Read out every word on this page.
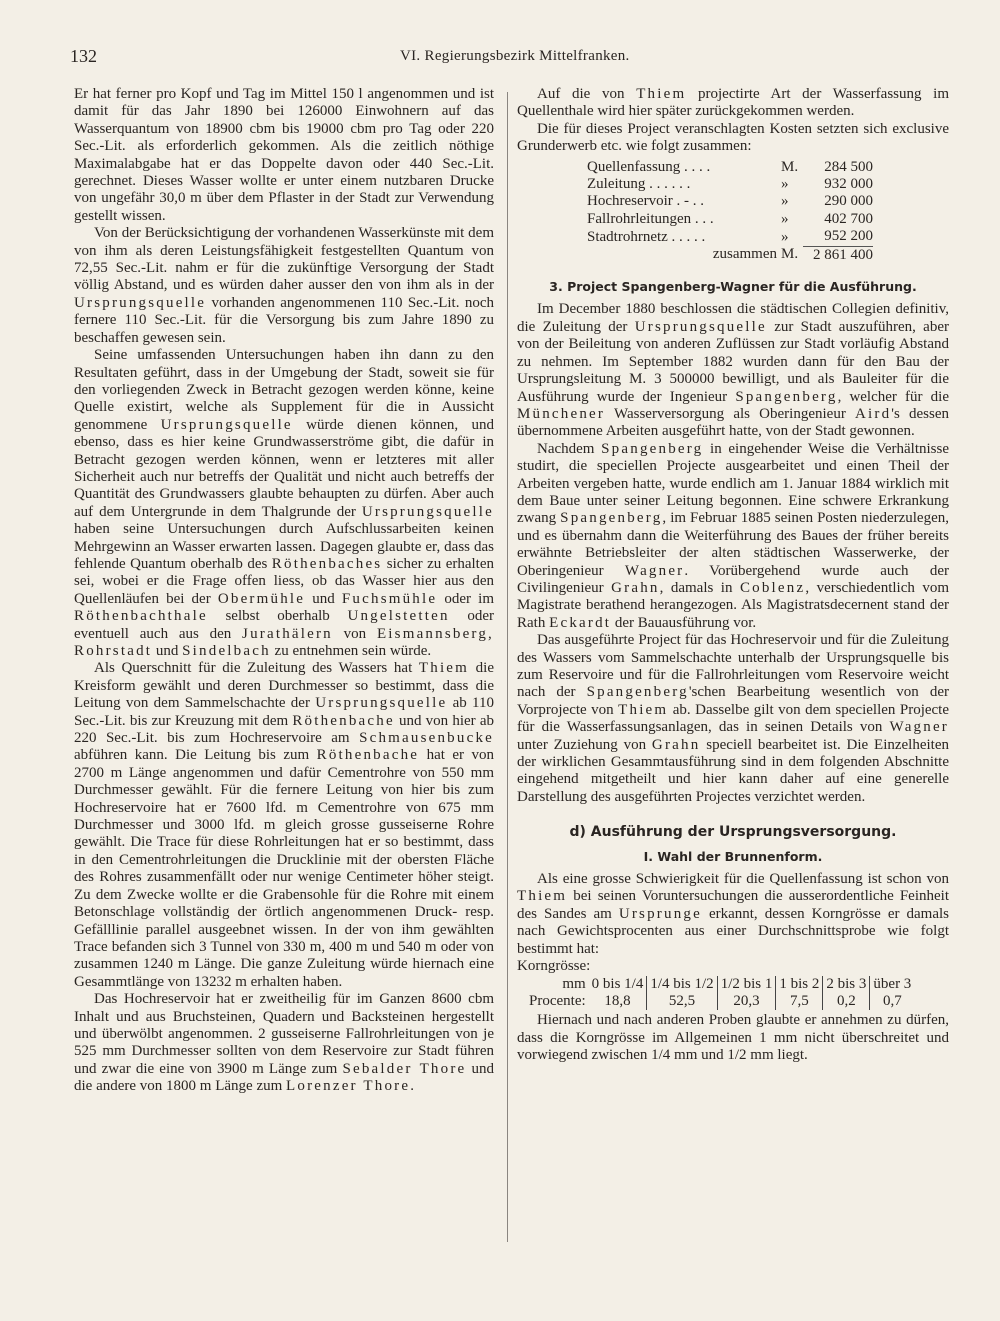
132	VI. Regierungsbezirk Mittelfranken.

Er hat ferner pro Kopf und Tag im Mittel 150 l angenommen und ist damit für das Jahr 1890 bei 126000 Einwohnern auf das Wasserquantum von 18900 cbm bis 19000 cbm pro Tag oder 220 Sec.-Lit. als erforderlich gekommen. Als die zeitlich nöthige Maximalabgabe hat er das Doppelte davon oder 440 Sec.-Lit. gerechnet. Dieses Wasser wollte er unter einem nutzbaren Drucke von ungefähr 30,0 m über dem Pflaster in der Stadt zur Verwendung gestellt wissen.

Von der Berücksichtigung der vorhandenen Wasserkünste mit dem von ihm als deren Leistungsfähigkeit festgestellten Quantum von 72,55 Sec.-Lit. nahm er für die zukünftige Versorgung der Stadt völlig Abstand, und es würden daher ausser den von ihm als in der Ursprungsquelle vorhanden angenommenen 110 Sec.-Lit. noch fernere 110 Sec.-Lit. für die Versorgung bis zum Jahre 1890 zu beschaffen gewesen sein.

Seine umfassenden Untersuchungen haben ihn dann zu den Resultaten geführt, dass in der Umgebung der Stadt, soweit sie für den vorliegenden Zweck in Betracht gezogen werden könne, keine Quelle existirt, welche als Supplement für die in Aussicht genommene Ursprungsquelle würde dienen können, und ebenso, dass es hier keine Grundwasserströme gibt, die dafür in Betracht gezogen werden können, wenn er letzteres mit aller Sicherheit auch nur betreffs der Qualität und nicht auch betreffs der Quantität des Grundwassers glaubte behaupten zu dürfen. Aber auch auf dem Untergrunde in dem Thalgrunde der Ursprungsquelle haben seine Untersuchungen durch Aufschlussarbeiten keinen Mehrgewinn an Wasser erwarten lassen. Dagegen glaubte er, dass das fehlende Quantum oberhalb des Röthenbaches sicher zu erhalten sei, wobei er die Frage offen liess, ob das Wasser hier aus den Quellenläufen bei der Obermühle und Fuchsmühle oder im Röthenbachthale selbst oberhalb Ungelstetten oder eventuell auch aus den Jurathälern von Eismannsberg, Rohrstadt und Sindelbach zu entnehmen sein würde.

Als Querschnitt für die Zuleitung des Wassers hat Thiem die Kreisform gewählt und deren Durchmesser so bestimmt, dass die Leitung von dem Sammelschachte der Ursprungsquelle ab 110 Sec.-Lit. bis zur Kreuzung mit dem Röthenbache und von hier ab 220 Sec.-Lit. bis zum Hochreservoire am Schmausenbucke abführen kann. Die Leitung bis zum Röthenbache hat er von 2700 m Länge angenommen und dafür Cementrohre von 550 mm Durchmesser gewählt. Für die fernere Leitung von hier bis zum Hochreservoire hat er 7600 lfd. m Cementrohre von 675 mm Durchmesser und 3000 lfd. m gleich grosse gusseiserne Rohre gewählt. Die Trace für diese Rohrleitungen hat er so bestimmt, dass in den Cementrohrleitungen die Drucklinie mit der obersten Fläche des Rohres zusammenfällt oder nur wenige Centimeter höher steigt. Zu dem Zwecke wollte er die Grabensohle für die Rohre mit einem Betonschlage vollständig der örtlich angenommenen Druck- resp. Gefälllinie parallel ausgeebnet wissen. In der von ihm gewählten Trace befanden sich 3 Tunnel von 330 m, 400 m und 540 m oder von zusammen 1240 m Länge. Die ganze Zuleitung würde hiernach eine Gesammtlänge von 13232 m erhalten haben.

Das Hochreservoir hat er zweitheilig für im Ganzen 8600 cbm Inhalt und aus Bruchsteinen, Quadern und Backsteinen hergestellt und überwölbt angenommen. 2 gusseiserne Fallrohrleitungen von je 525 mm Durchmesser sollten von dem Reservoire zur Stadt führen und zwar die eine von 3900 m Länge zum Sebalder Thore und die andere von 1800 m Länge zum Lorenzer Thore.

Auf die von Thiem projectirte Art der Wasserfassung im Quellenthale wird hier später zurückgekommen werden.

Die für dieses Project veranschlagten Kosten setzten sich exclusive Grunderwerb etc. wie folgt zusammen:

Quellenfassung . . . .	M.	284 500
Zuleitung . . . . . .	»	932 000
Hochreservoir . - . .	»	290 000
Fallrohrleitungen . . .	»	402 700
Stadtrohrnetz . . . . .	»	952 200
zusammen	M.	2 861 400
3. Project Spangenberg-Wagner für die Ausführung.

Im December 1880 beschlossen die städtischen Collegien definitiv, die Zuleitung der Ursprungsquelle zur Stadt auszuführen, aber von der Beileitung von anderen Zuflüssen zur Stadt vorläufig Abstand zu nehmen. Im September 1882 wurden dann für den Bau der Ursprungsleitung M. 3 500000 bewilligt, und als Bauleiter für die Ausführung wurde der Ingenieur Spangenberg, welcher für die Münchener Wasserversorgung als Oberingenieur Aird's dessen übernommene Arbeiten ausgeführt hatte, von der Stadt gewonnen.

Nachdem Spangenberg in eingehender Weise die Verhältnisse studirt, die speciellen Projecte ausgearbeitet und einen Theil der Arbeiten vergeben hatte, wurde endlich am 1. Januar 1884 wirklich mit dem Baue unter seiner Leitung begonnen. Eine schwere Erkrankung zwang Spangenberg, im Februar 1885 seinen Posten niederzulegen, und es übernahm dann die Weiterführung des Baues der früher bereits erwähnte Betriebsleiter der alten städtischen Wasserwerke, der Oberingenieur Wagner. Vorübergehend wurde auch der Civilingenieur Grahn, damals in Coblenz, verschiedentlich vom Magistrate berathend herangezogen. Als Magistratsdecernent stand der Rath Eckardt der Bauausführung vor.

Das ausgeführte Project für das Hochreservoir und für die Zuleitung des Wassers vom Sammelschachte unterhalb der Ursprungsquelle bis zum Reservoire und für die Fallrohrleitungen vom Reservoire weicht nach der Spangenberg'schen Bearbeitung wesentlich von der Vorprojecte von Thiem ab. Dasselbe gilt von dem speciellen Projecte für die Wasserfassungsanlagen, das in seinen Details von Wagner unter Zuziehung von Grahn speciell bearbeitet ist. Die Einzelheiten der wirklichen Gesammtausführung sind in dem folgenden Abschnitte eingehend mitgetheilt und hier kann daher auf eine generelle Darstellung des ausgeführten Projectes verzichtet werden.

d) Ausführung der Ursprungsversorgung.
I. Wahl der Brunnenform.

Als eine grosse Schwierigkeit für die Quellenfassung ist schon von Thiem bei seinen Voruntersuchungen die ausserordentliche Feinheit des Sandes am Ursprunge erkannt, dessen Korngrösse er damals nach Gewichtsprocenten aus einer Durchschnittsprobe wie folgt bestimmt hat:

Korngrösse:

mm	0 bis 1/4	1/4 bis 1/2	1/2 bis 1	1 bis 2	2 bis 3	über 3
Procente:	18,8	52,5	20,3	7,5	0,2	0,7

Hiernach und nach anderen Proben glaubte er annehmen zu dürfen, dass die Korngrösse im Allgemeinen 1 mm nicht überschreitet und vorwiegend zwischen 1/4 mm und 1/2 mm liegt.
